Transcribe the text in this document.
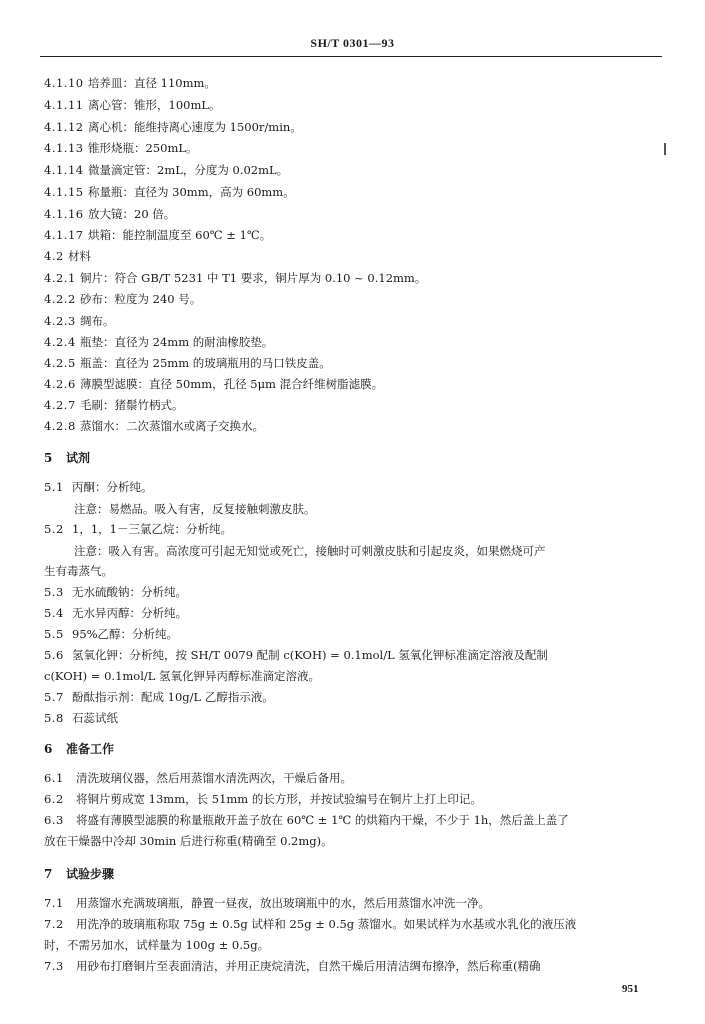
SH/T 0301—93
4.1.10 培养皿：直径 110mm。
4.1.11 离心管：锥形，100mL。
4.1.12 离心机：能维持离心速度为 1500r/min。
4.1.13 锥形烧瓶：250mL。
4.1.14 微量滴定管：2mL，分度为 0.02mL。
4.1.15 称量瓶：直径为 30mm，高为 60mm。
4.1.16 放大镜：20 倍。
4.1.17 烘箱：能控制温度至 60℃ ± 1℃。
4.2 材料
4.2.1 铜片：符合 GB/T 5231 中 T1 要求，铜片厚为 0.10 ~ 0.12mm。
4.2.2 砂布：粒度为 240 号。
4.2.3 绸布。
4.2.4 瓶垫：直径为 24mm 的耐油橡胶垫。
4.2.5 瓶盖：直径为 25mm 的玻璃瓶用的马口铁皮盖。
4.2.6 薄膜型滤膜：直径 50mm，孔径 5μm 混合纤维树脂滤膜。
4.2.7 毛刷：猪鬃竹柄式。
4.2.8 蒸馏水：二次蒸馏水或离子交换水。
5 试剂
5.1 丙酮：分析纯。
注意：易燃品。吸入有害，反复接触刺激皮肤。
5.2 1，1，1－三氯乙烷：分析纯。
注意：吸入有害。高浓度可引起无知觉或死亡，接触时可刺激皮肤和引起皮炎，如果燃烧可产
生有毒蒸气。
5.3 无水硫酸钠：分析纯。
5.4 无水异丙醇：分析纯。
5.5 95%乙醇：分析纯。
5.6 氢氧化钾：分析纯，按 SH/T 0079 配制 c(KOH) = 0.1mol/L 氢氧化钾标准滴定溶液及配制
c(KOH) = 0.1mol/L 氢氧化钾异丙醇标准滴定溶液。
5.7 酚酞指示剂：配成 10g/L 乙醇指示液。
5.8 石蕊试纸
6 准备工作
6.1 清洗玻璃仪器，然后用蒸馏水清洗两次，干燥后备用。
6.2 将铜片剪成宽 13mm，长 51mm 的长方形，并按试验编号在铜片上打上印记。
6.3 将盛有薄膜型滤膜的称量瓶敞开盖子放在 60℃ ± 1℃ 的烘箱内干燥，不少于 1h，然后盖上盖了
放在干燥器中冷却 30min 后进行称重(精确至 0.2mg)。
7 试验步骤
7.1 用蒸馏水充满玻璃瓶，静置一昼夜，放出玻璃瓶中的水，然后用蒸馏水冲洗一净。
7.2 用洗净的玻璃瓶称取 75g ± 0.5g 试样和 25g ± 0.5g 蒸馏水。如果试样为水基或水乳化的液压液
时，不需另加水，试样量为 100g ± 0.5g。
7.3 用砂布打磨铜片至表面清洁，并用正庚烷清洗，自然干燥后用清洁绸布擦净，然后称重(精确
951
